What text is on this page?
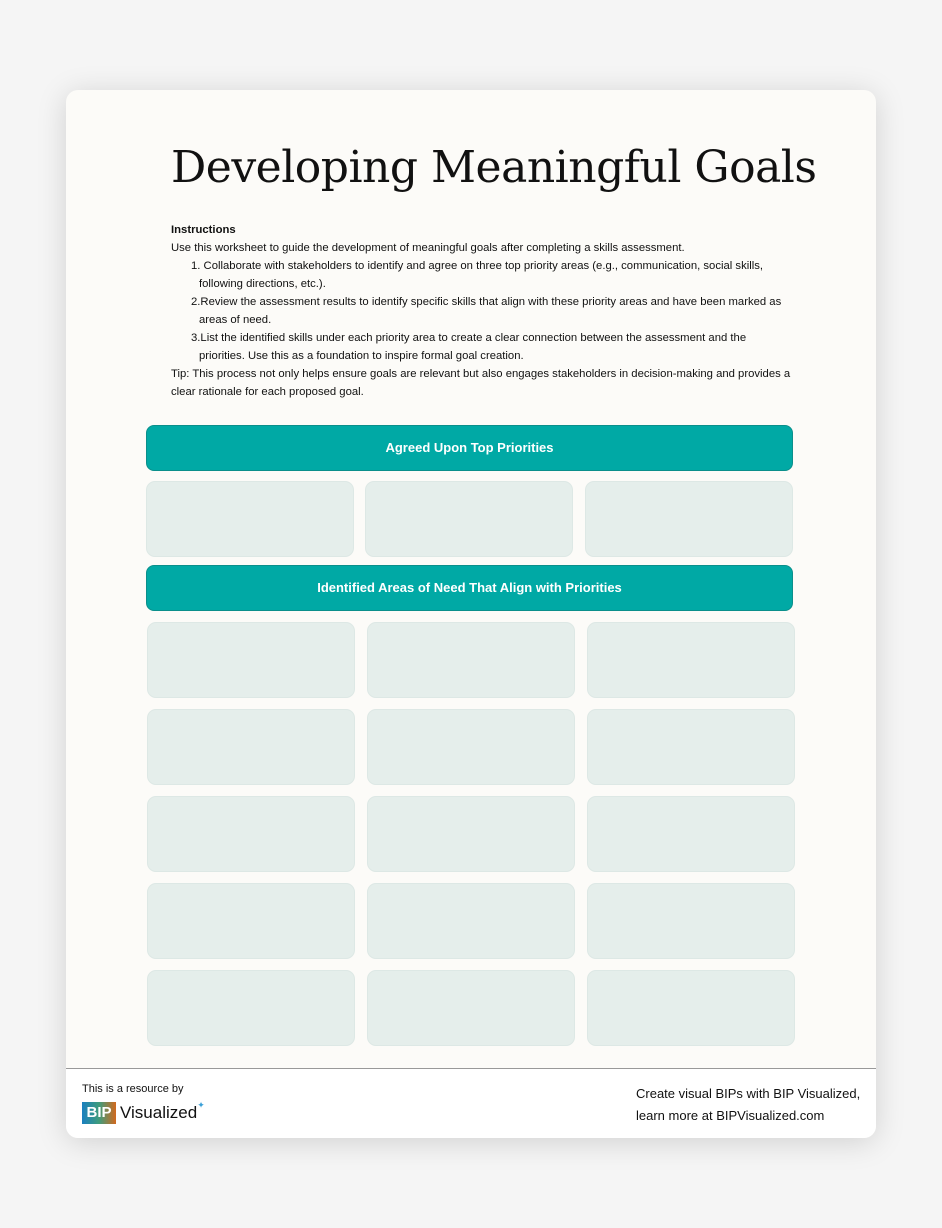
Developing Meaningful Goals
Instructions
Use this worksheet to guide the development of meaningful goals after completing a skills assessment.
1. Collaborate with stakeholders to identify and agree on three top priority areas (e.g., communication, social skills, following directions, etc.).
2.Review the assessment results to identify specific skills that align with these priority areas and have been marked as areas of need.
3.List the identified skills under each priority area to create a clear connection between the assessment and the priorities. Use this as a foundation to inspire formal goal creation.
Tip: This process not only helps ensure goals are relevant but also engages stakeholders in decision-making and provides a clear rationale for each proposed goal.
Agreed Upon Top Priorities
Identified Areas of Need That Align with Priorities
This is a resource by
BIP Visualized ✦
Create visual BIPs with BIP Visualized,
learn more at BIPVisualized.com
